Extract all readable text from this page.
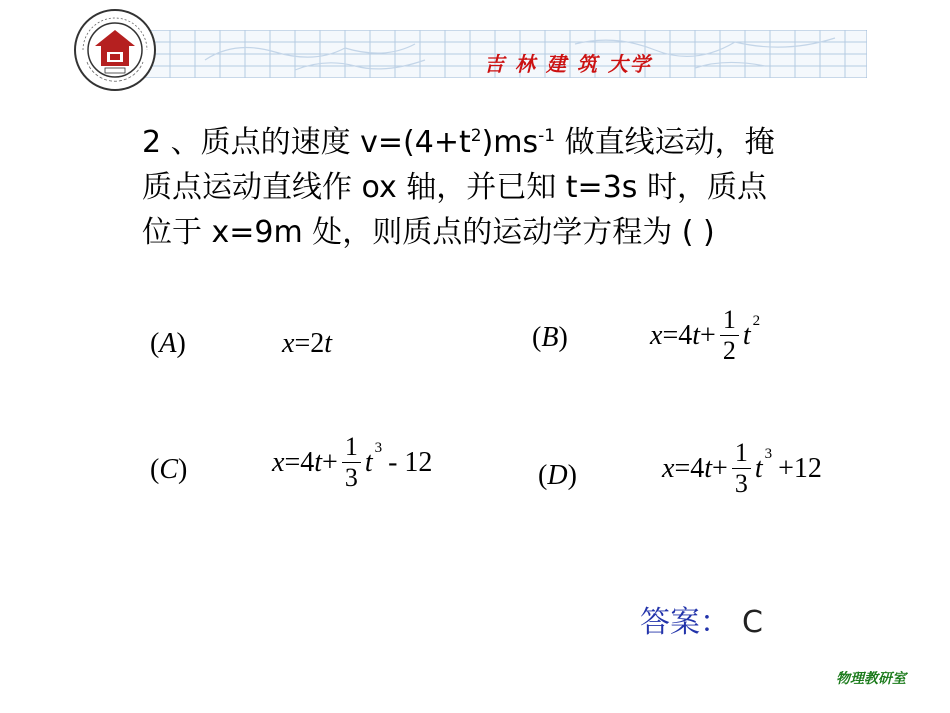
吉 林 建 筑 大学
2 、质点的速度 $v=(4+t^2)ms^{-1}$ 做直线运动，掩
质点运动直线作 ox 轴，并已知 t=3s 时，质点
位于 x=9m 处，则质点的运动学方程为 ( )
(A)	x =2 t	(B)	x =4 $t + \frac{1}{2}$ t 2
(C)	x =4 $t + \frac{1}{3}$ t 3 - 12	(D)	x =4 $t + \frac{1}{3}$ t 3 +12
答案： C
物理教研室
